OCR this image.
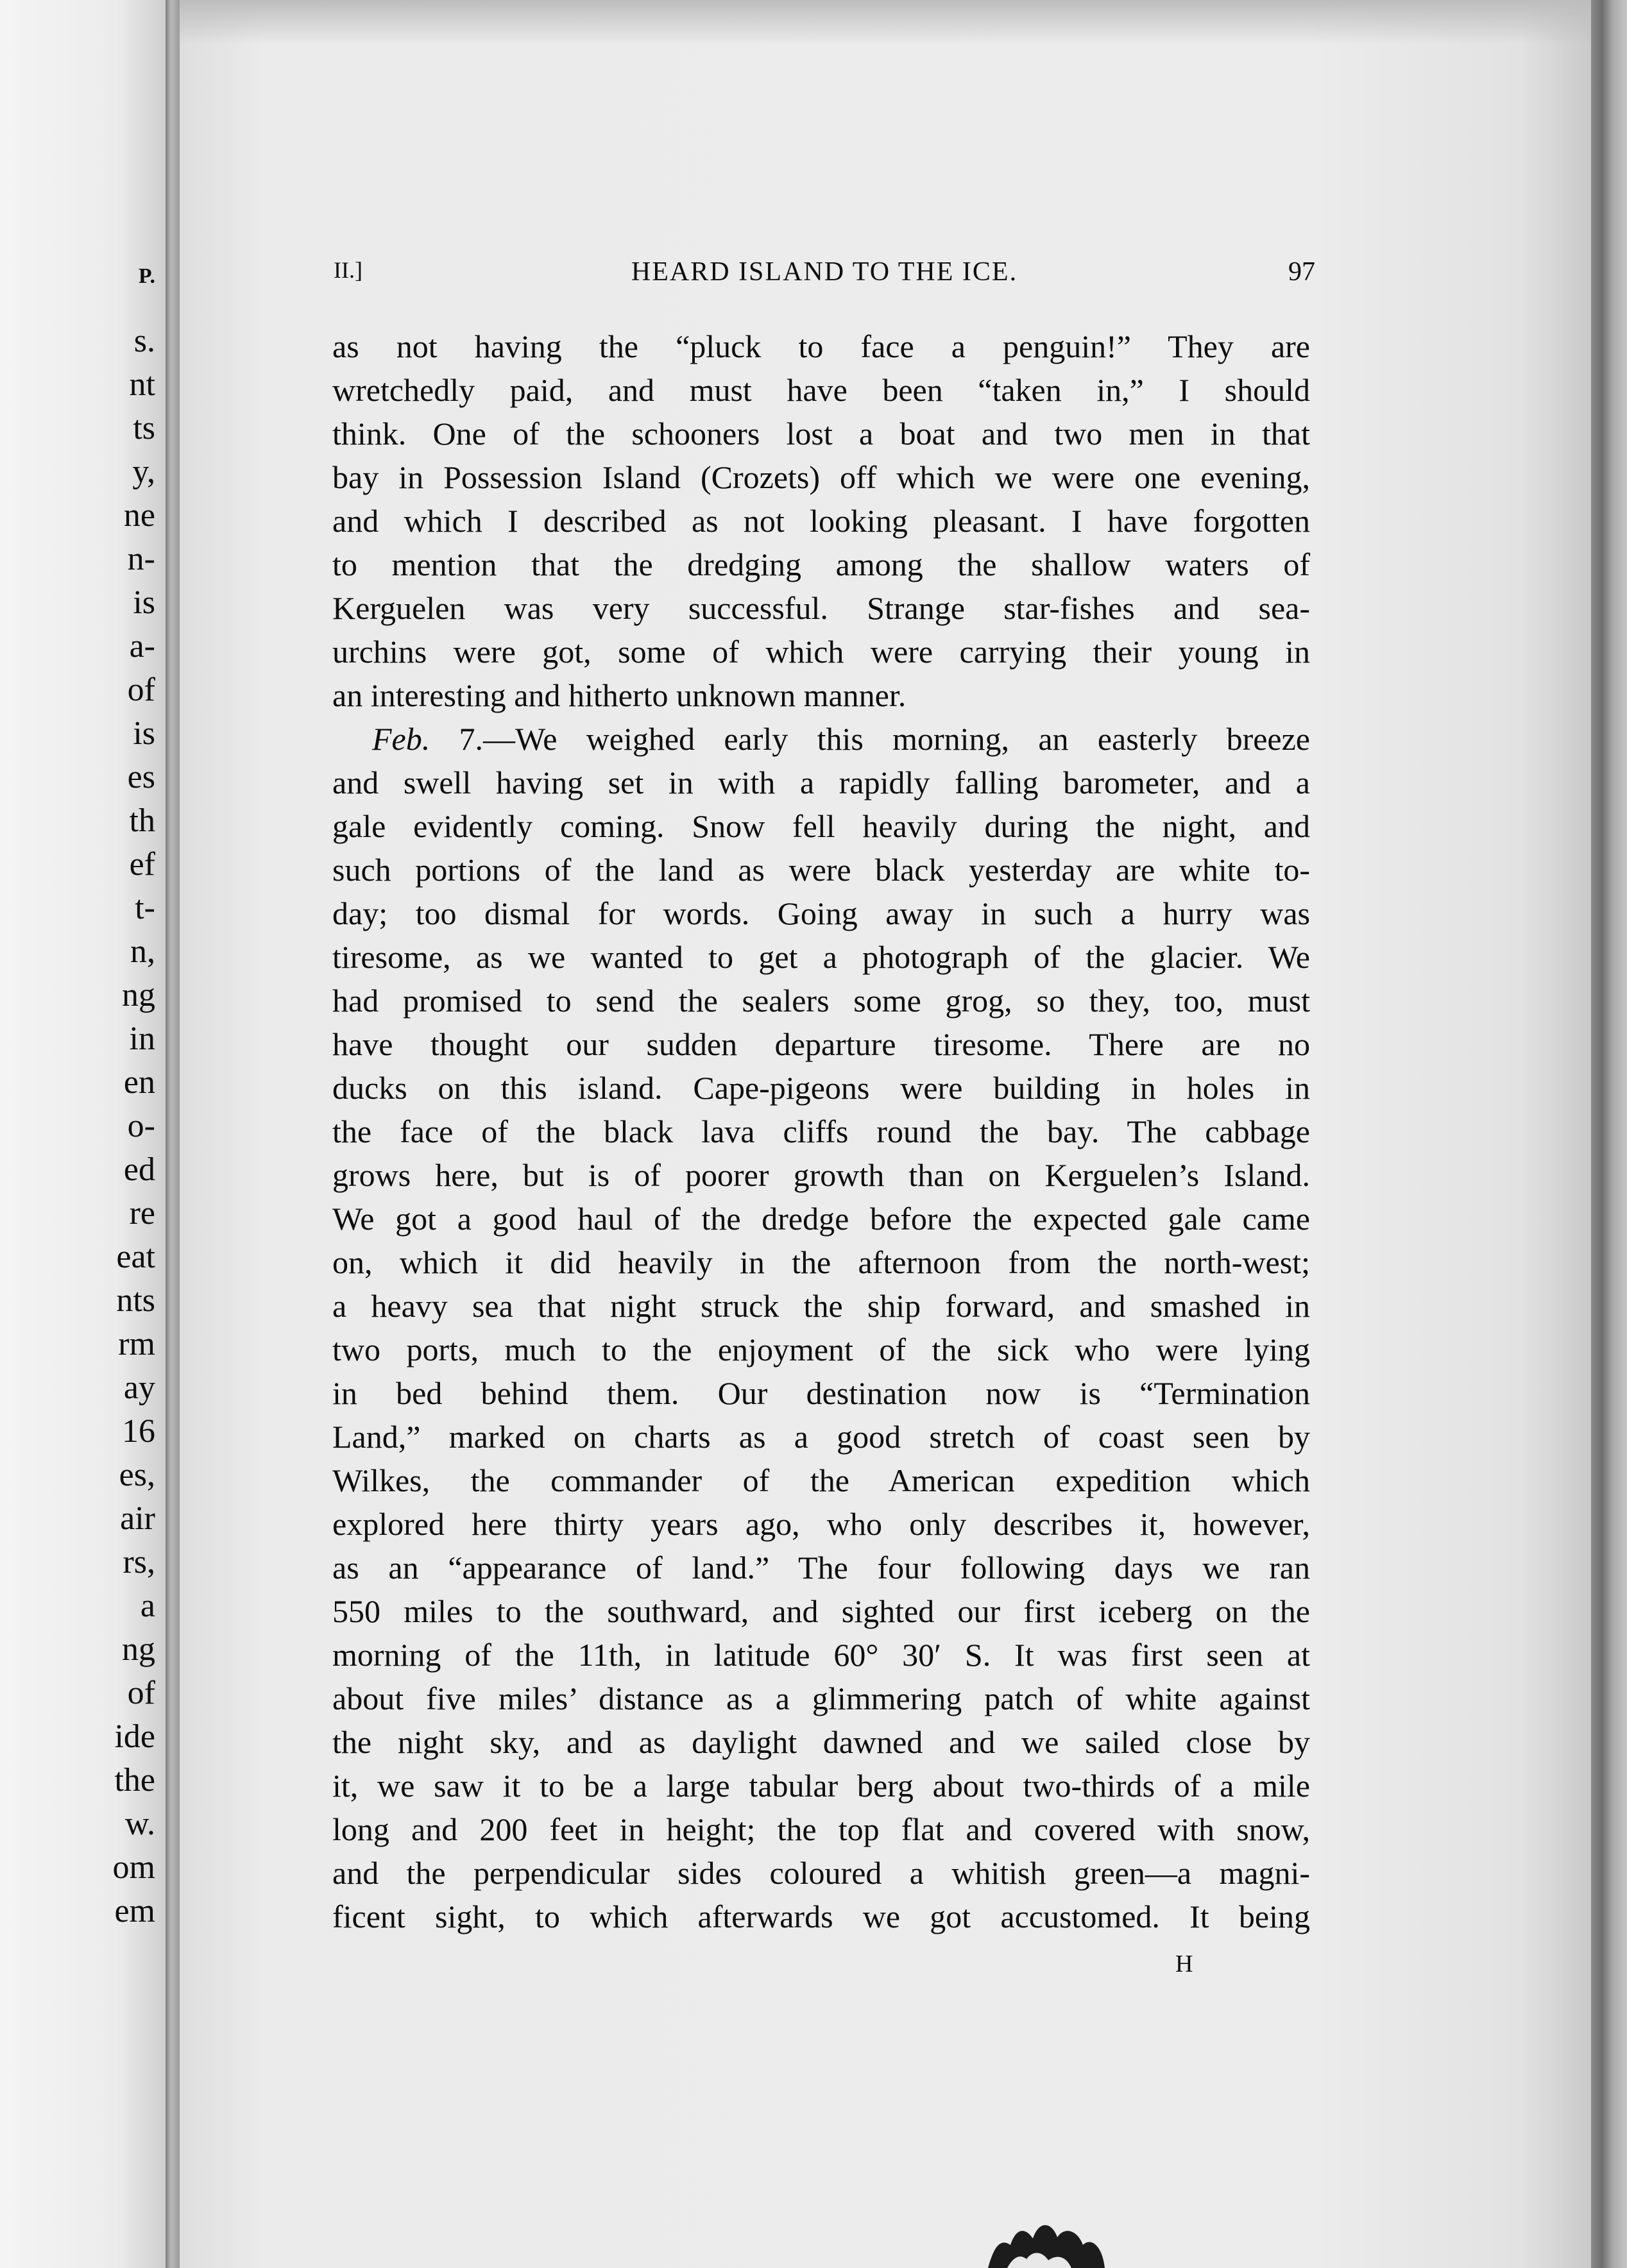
P.
s.
nt
ts
y,
ne
n-
is
a-
of
is
es
th
ef
t-
n,
ng
in
en
o-
ed
re
eat
nts
rm
ay
16
es,
air
rs,
a
ng
of
ide
the
w.
om
em
II.]	HEARD ISLAND TO THE ICE.	97
as not having the “pluck to face a penguin!” They are
wretchedly paid, and must have been “taken in,” I should
think. One of the schooners lost a boat and two men in that
bay in Possession Island (Crozets) off which we were one evening,
and which I described as not looking pleasant. I have forgotten
to mention that the dredging among the shallow waters of
Kerguelen was very successful. Strange star-fishes and sea-
urchins were got, some of which were carrying their young in
an interesting and hitherto unknown manner.
Feb. 7.—We weighed early this morning, an easterly breeze
and swell having set in with a rapidly falling barometer, and a
gale evidently coming. Snow fell heavily during the night, and
such portions of the land as were black yesterday are white to-
day; too dismal for words. Going away in such a hurry was
tiresome, as we wanted to get a photograph of the glacier. We
had promised to send the sealers some grog, so they, too, must
have thought our sudden departure tiresome. There are no
ducks on this island. Cape-pigeons were building in holes in
the face of the black lava cliffs round the bay. The cabbage
grows here, but is of poorer growth than on Kerguelen’s Island.
We got a good haul of the dredge before the expected gale came
on, which it did heavily in the afternoon from the north-west;
a heavy sea that night struck the ship forward, and smashed in
two ports, much to the enjoyment of the sick who were lying
in bed behind them. Our destination now is “Termination
Land,” marked on charts as a good stretch of coast seen by
Wilkes, the commander of the American expedition which
explored here thirty years ago, who only describes it, however,
as an “appearance of land.” The four following days we ran
550 miles to the southward, and sighted our first iceberg on the
morning of the 11th, in latitude 60° 30′ S. It was first seen at
about five miles’ distance as a glimmering patch of white against
the night sky, and as daylight dawned and we sailed close by
it, we saw it to be a large tabular berg about two-thirds of a mile
long and 200 feet in height; the top flat and covered with snow,
and the perpendicular sides coloured a whitish green—a magni-
ficent sight, to which afterwards we got accustomed. It being
H
